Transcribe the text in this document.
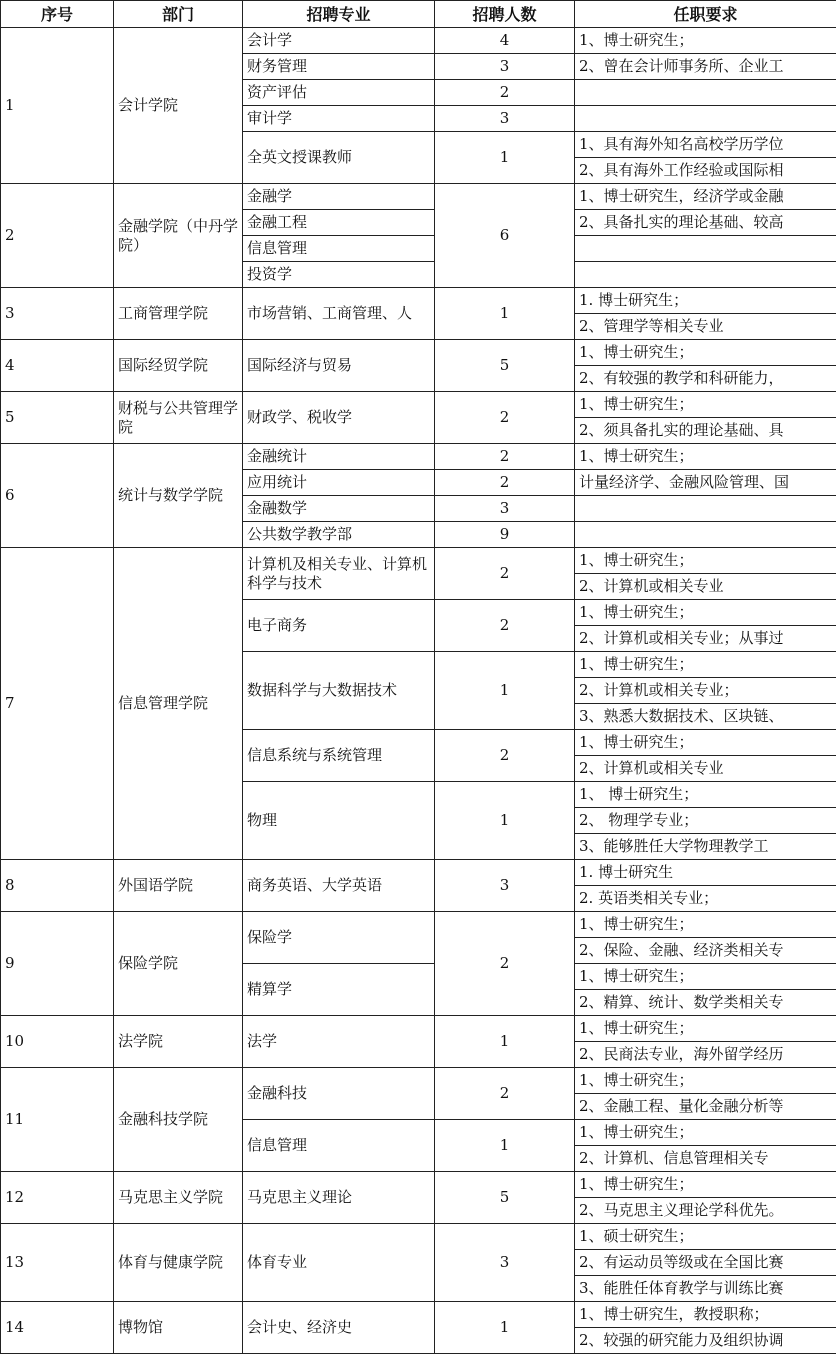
序号	部门	招聘专业	招聘人数	任职要求
1	会计学院	会计学	4	1、博士研究生；
		财务管理	3	2、曾在会计师事务所、企业工
		资产评估	2	
		审计学	3	
		全英文授课教师	1	1、具有海外知名高校学历学位
				2、具有海外工作经验或国际相
2	金融学院（中丹学院）	金融学	6	1、博士研究生，经济学或金融
		金融工程		2、具备扎实的理论基础、较高
		信息管理		
		投资学		
3	工商管理学院	市场营销、工商管理、人	1	1. 博士研究生；
				2、管理学等相关专业
4	国际经贸学院	国际经济与贸易	5	1、博士研究生；
				2、有较强的教学和科研能力，
5	财税与公共管理学院	财政学、税收学	2	1、博士研究生；
				2、须具备扎实的理论基础、具
6	统计与数学学院	金融统计	2	1、博士研究生；
		应用统计	2	计量经济学、金融风险管理、国
		金融数学	3	
		公共数学教学部	9	
7	信息管理学院	计算机及相关专业、计算机科学与技术	2	1、博士研究生；
				2、计算机或相关专业
		电子商务	2	1、博士研究生；
				2、计算机或相关专业；从事过
		数据科学与大数据技术	1	1、博士研究生；
				2、计算机或相关专业；
				3、熟悉大数据技术、区块链、
		信息系统与系统管理	2	1、博士研究生；
				2、计算机或相关专业
		物理	1	1、 博士研究生；
				2、 物理学专业；
				3、能够胜任大学物理教学工
8	外国语学院	商务英语、大学英语	3	1. 博士研究生
				2. 英语类相关专业；
9	保险学院	保险学	2	1、博士研究生；
				2、保险、金融、经济类相关专
		精算学		1、博士研究生；
				2、精算、统计、数学类相关专
10	法学院	法学	1	1、博士研究生；
				2、民商法专业，海外留学经历
11	金融科技学院	金融科技	2	1、博士研究生；
				2、金融工程、量化金融分析等
		信息管理	1	1、博士研究生；
				2、计算机、信息管理相关专
12	马克思主义学院	马克思主义理论	5	1、博士研究生；
				2、马克思主义理论学科优先。
13	体育与健康学院	体育专业	3	1、硕士研究生；
				2、有运动员等级或在全国比赛
				3、能胜任体育教学与训练比赛
14	博物馆	会计史、经济史	1	1、博士研究生，教授职称；
				2、较强的研究能力及组织协调
